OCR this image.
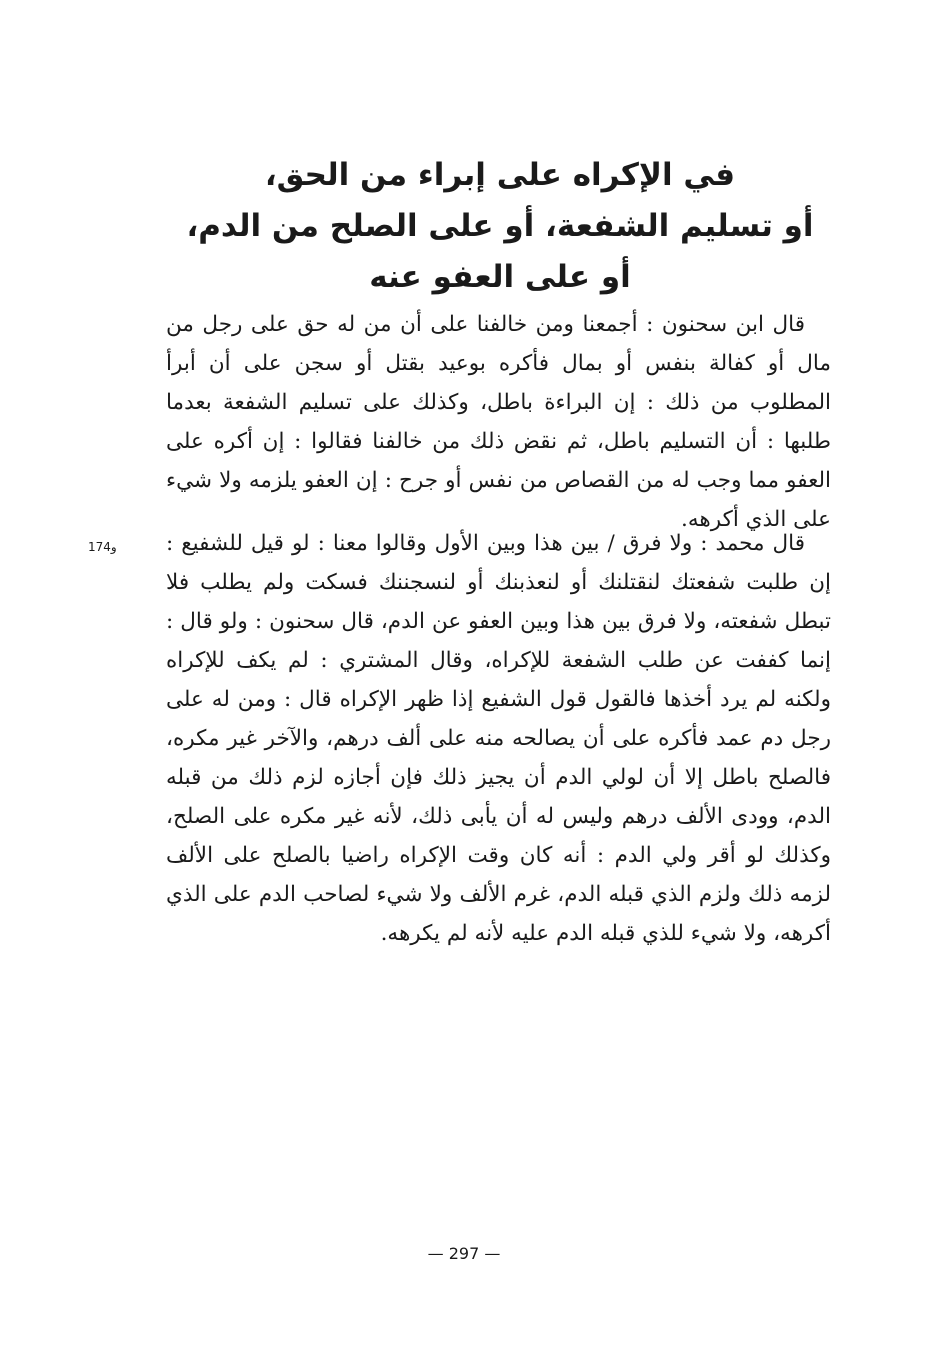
في الإكراه على إبراء من الحق،
أو تسليم الشفعة، أو على الصلح من الدم،
أو على العفو عنه
قال ابن سحنون : أجمعنا ومن خالفنا على أن من له حق على رجل من مال أو كفالة بنفس أو بمال فأكره بوعيد بقتل أو سجن على أن أبرأ المطلوب من ذلك : إن البراءة باطل، وكذلك على تسليم الشفعة بعدما طلبها : أن التسليم باطل، ثم نقض ذلك من خالفنا فقالوا : إن أكره على العفو مما وجب له من القصاص من نفس أو جرح : إن العفو يلزمه ولا شيء على الذي أكرهه.
174و قال محمد : ولا فرق / بين هذا وبين الأول وقالوا معنا : لو قيل للشفيع : إن طلبت شفعتك لنقتلنك أو لنعذبنك أو لنسجننك فسكت ولم يطلب فلا تبطل شفعته، ولا فرق بين هذا وبين العفو عن الدم، قال سحنون : ولو قال : إنما كففت عن طلب الشفعة للإكراه، وقال المشتري : لم يكف للإكراه ولكنه لم يرد أخذها فالقول قول الشفيع إذا ظهر الإكراه قال : ومن له على رجل دم عمد فأكره على أن يصالحه منه على ألف درهم، والآخر غير مكره، فالصلح باطل إلا أن لولي الدم أن يجيز ذلك فإن أجازه لزم ذلك من قبله الدم، وودى الألف درهم وليس له أن يأبى ذلك، لأنه غير مكره على الصلح، وكذلك لو أقر ولي الدم : أنه كان وقت الإكراه راضيا بالصلح على الألف لزمه ذلك ولزم الذي قبله الدم، غرم الألف ولا شيء لصاحب الدم على الذي أكرهه، ولا شيء للذي قبله الدم عليه لأنه لم يكرهه.
— 297 —
